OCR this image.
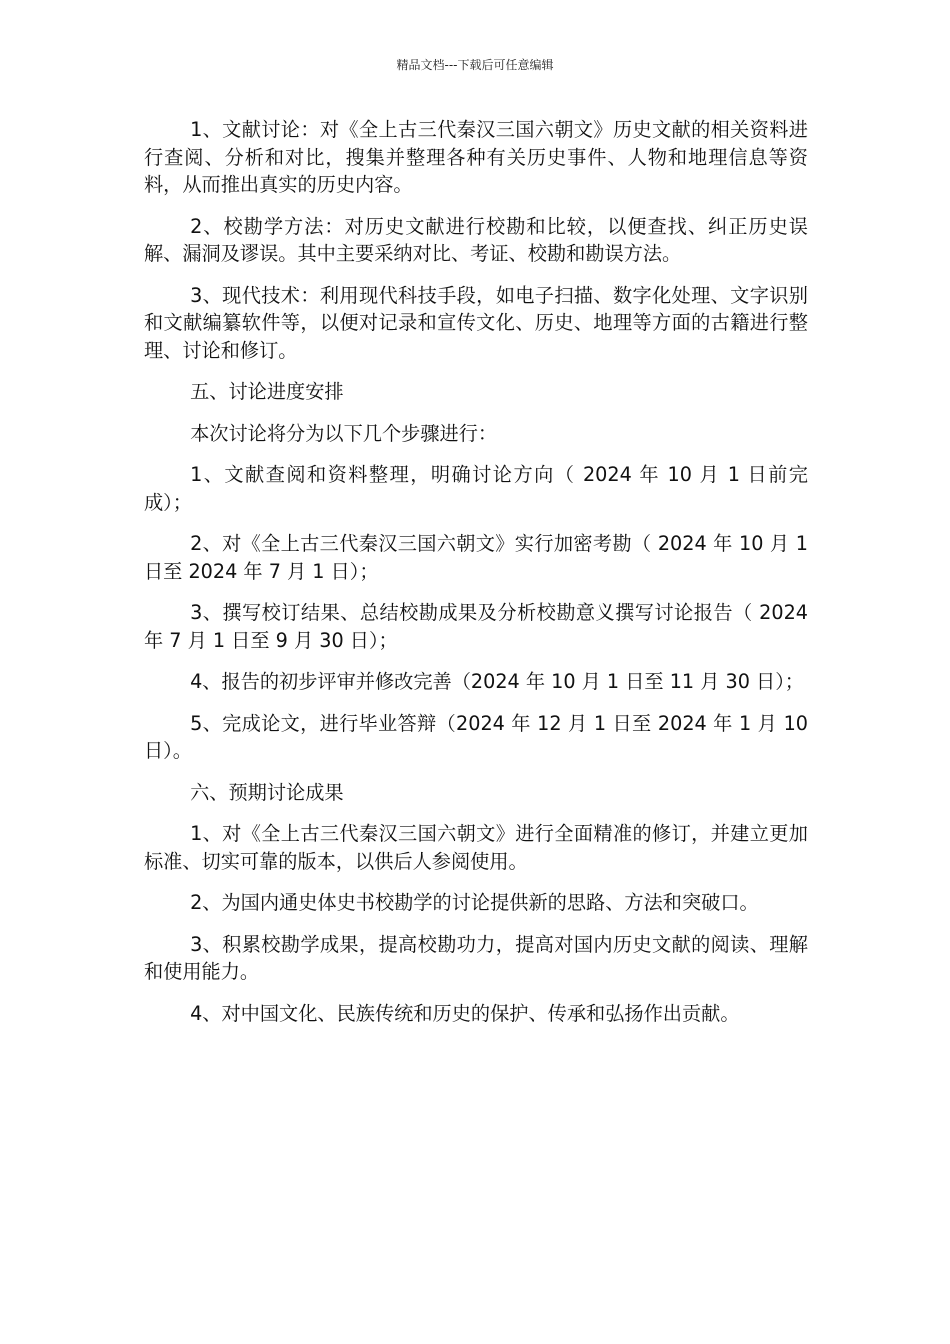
精品文档---下载后可任意编辑

1、文献讨论：对《全上古三代秦汉三国六朝文》历史文献的相关资料进行查阅、分析和对比，搜集并整理各种有关历史事件、人物和地理信息等资料，从而推出真实的历史内容。

2、校勘学方法：对历史文献进行校勘和比较，以便查找、纠正历史误解、漏洞及谬误。其中主要采纳对比、考证、校勘和勘误方法。

3、现代技术：利用现代科技手段，如电子扫描、数字化处理、文字识别和文献编纂软件等，以便对记录和宣传文化、历史、地理等方面的古籍进行整理、讨论和修订。

五、讨论进度安排

本次讨论将分为以下几个步骤进行：

1、文献查阅和资料整理，明确讨论方向（ 2024 年 10 月 1 日前完成）；

2、对《全上古三代秦汉三国六朝文》实行加密考勘（ 2024 年 10 月 1 日至 2024 年 7 月 1 日）；

3、撰写校订结果、总结校勘成果及分析校勘意义撰写讨论报告（ 2024 年 7 月 1 日至 9 月 30 日）；

4、报告的初步评审并修改完善（2024 年 10 月 1 日至 11 月 30 日）；

5、完成论文，进行毕业答辩（2024 年 12 月 1 日至 2024 年 1 月 10 日）。

六、预期讨论成果

1、对《全上古三代秦汉三国六朝文》进行全面精准的修订，并建立更加标准、切实可靠的版本，以供后人参阅使用。

2、为国内通史体史书校勘学的讨论提供新的思路、方法和突破口。

3、积累校勘学成果，提高校勘功力，提高对国内历史文献的阅读、理解和使用能力。

4、对中国文化、民族传统和历史的保护、传承和弘扬作出贡献。
